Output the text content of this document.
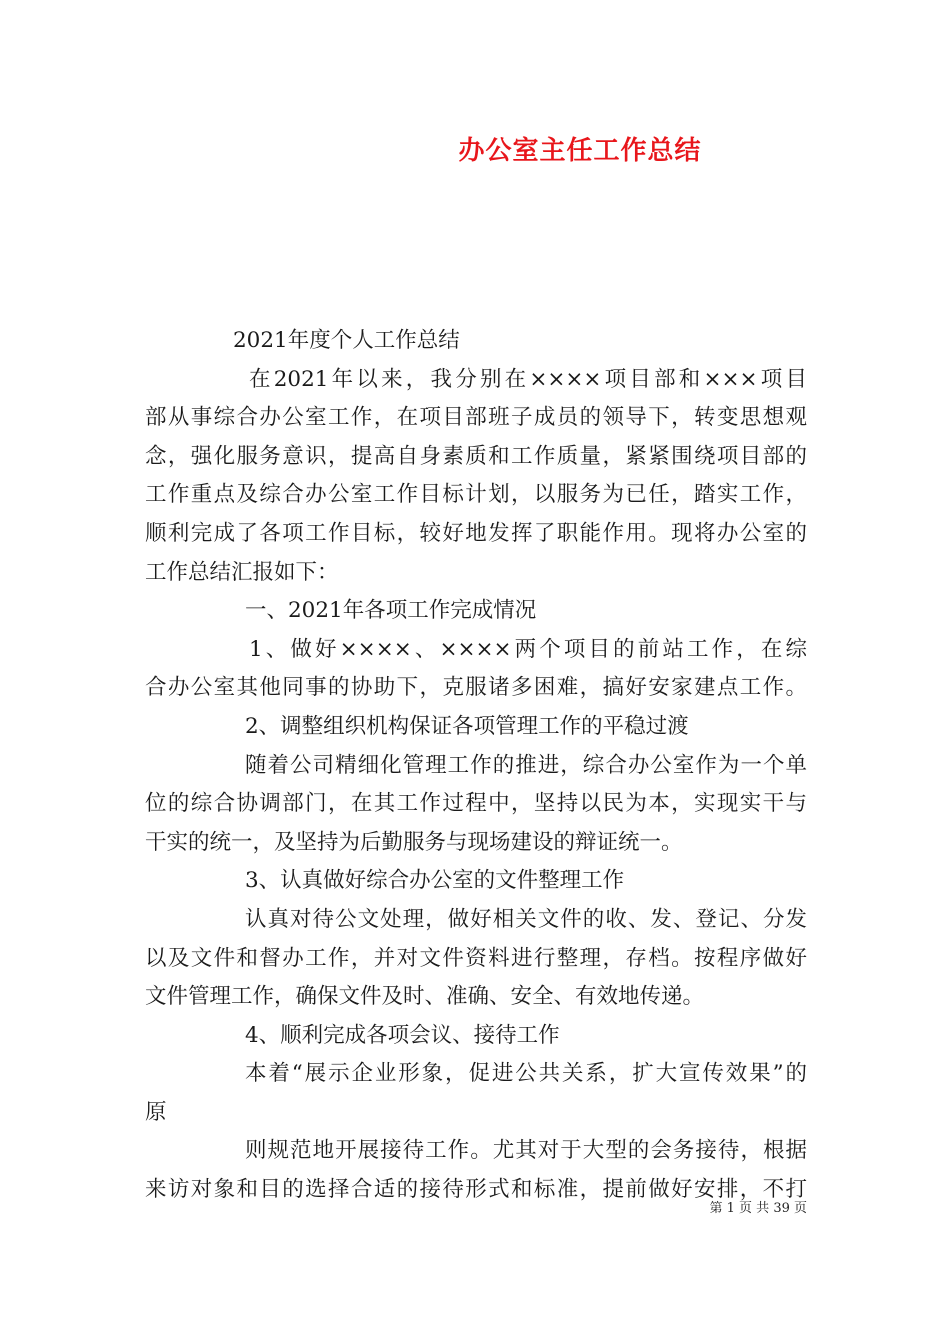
办公室主任工作总结
2021年度个人工作总结
在2021年以来，我分别在××××项目部和×××项目
部从事综合办公室工作，在项目部班子成员的领导下，转变思想观
念，强化服务意识，提高自身素质和工作质量，紧紧围绕项目部的
工作重点及综合办公室工作目标计划，以服务为已任，踏实工作，
顺利完成了各项工作目标，较好地发挥了职能作用。现将办公室的
工作总结汇报如下：
一、2021年各项工作完成情况
1、做好××××、××××两个项目的前站工作，在综
合办公室其他同事的协助下，克服诸多困难，搞好安家建点工作。
2、调整组织机构保证各项管理工作的平稳过渡
随着公司精细化管理工作的推进，综合办公室作为一个单
位的综合协调部门，在其工作过程中，坚持以民为本，实现实干与
干实的统一，及坚持为后勤服务与现场建设的辩证统一。
3、认真做好综合办公室的文件整理工作
认真对待公文处理，做好相关文件的收、发、登记、分发
以及文件和督办工作，并对文件资料进行整理，存档。按程序做好
文件管理工作，确保文件及时、准确、安全、有效地传递。
4、顺利完成各项会议、接待工作
本着“展示企业形象，促进公共关系，扩大宣传效果”的
原
则规范地开展接待工作。尤其对于大型的会务接待，根据
来访对象和目的选择合适的接待形式和标准，提前做好安排，不打
第 1 页 共 39 页
